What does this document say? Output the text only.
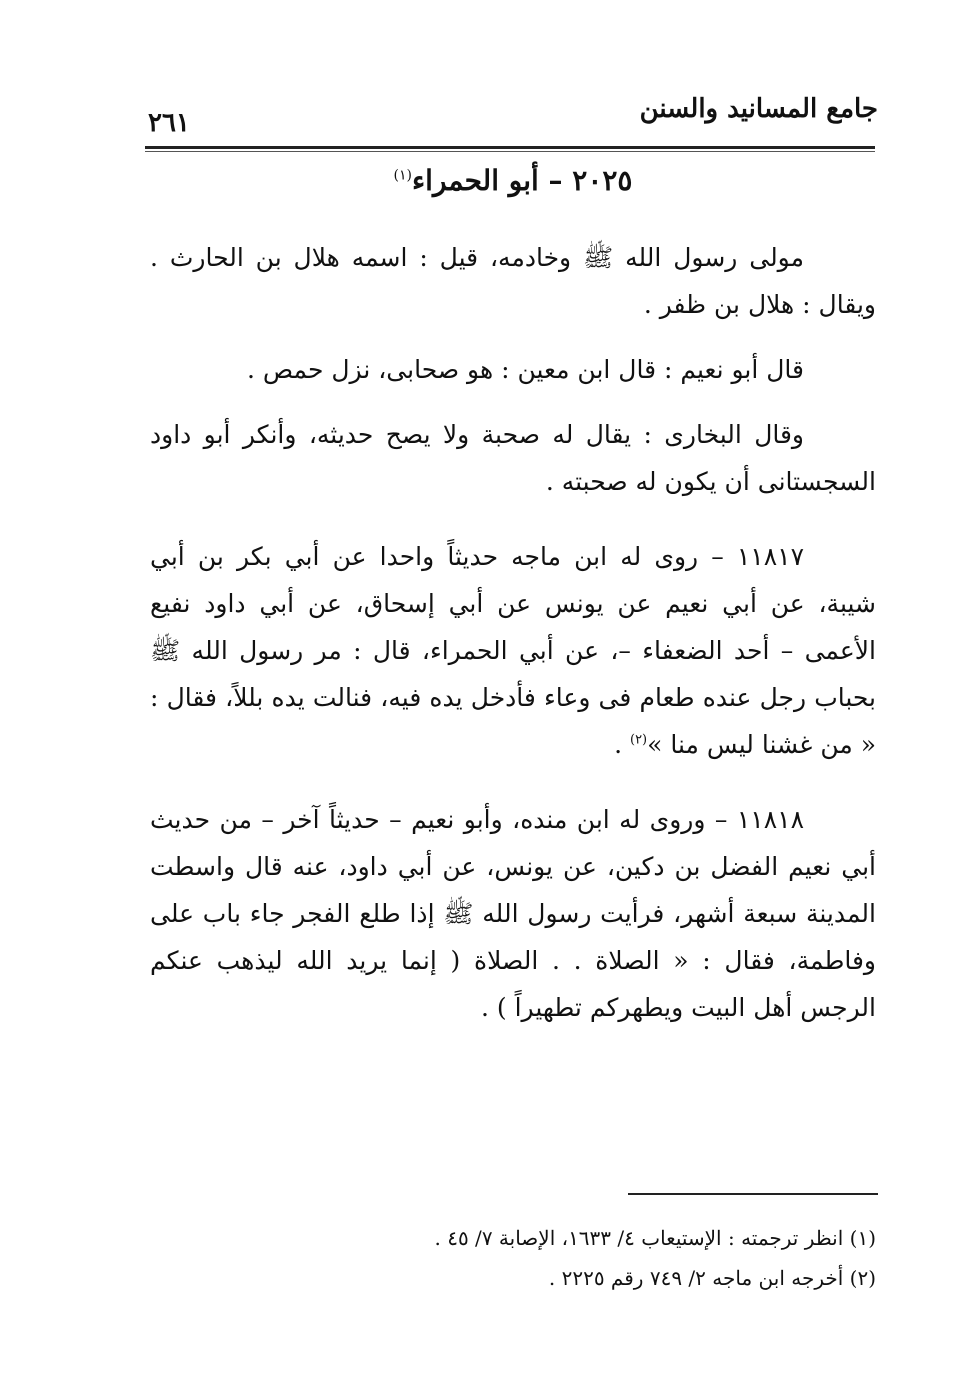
جامع المسانيد والسنن
٢٦١
٢٠٢٥ – أبو الحمراء$^{(١)}$

مولى رسول الله ﷺ وخادمه، قيل : اسمه هلال بن الحارث . ويقال : هلال بن ظفر .

قال أبو نعيم : قال ابن معين : هو صحابى، نزل حمص .

وقال البخارى : يقال له صحبة ولا يصح حديثه، وأنكر أبو داود السجستانى أن يكون له صحبته .

١١٨١٧ – روى له ابن ماجه حديثاً واحدا عن أبي بكر بن أبي شيبة، عن أبي نعيم عن يونس عن أبي إسحاق، عن أبي داود نفيع الأعمى – أحد الضعفاء –، عن أبي الحمراء، قال : مر رسول الله ﷺ بحباب رجل عنده طعام فى وعاء فأدخل يده فيه، فنالت يده بللاً، فقال : « من غشنا ليس منا »$^{(٢)}$ .

١١٨١٨ – وروى له ابن منده، وأبو نعيم – حديثاً آخر – من حديث أبي نعيم الفضل بن دكين، عن يونس، عن أبي داود، عنه قال واسطت المدينة سبعة أشهر، فرأيت رسول الله ﷺ إذا طلع الفجر جاء باب على وفاطمة، فقال : « الصلاة . . الصلاة ( إنما يريد الله ليذهب عنكم الرجس أهل البيت ويطهركم تطهيراً ) .

(١) انظر ترجمته : الإستيعاب ٤/ ١٦٣٣، الإصابة ٧/ ٤٥ .
(٢) أخرجه ابن ماجه ٢/ ٧٤٩ رقم ٢٢٢٥ .
